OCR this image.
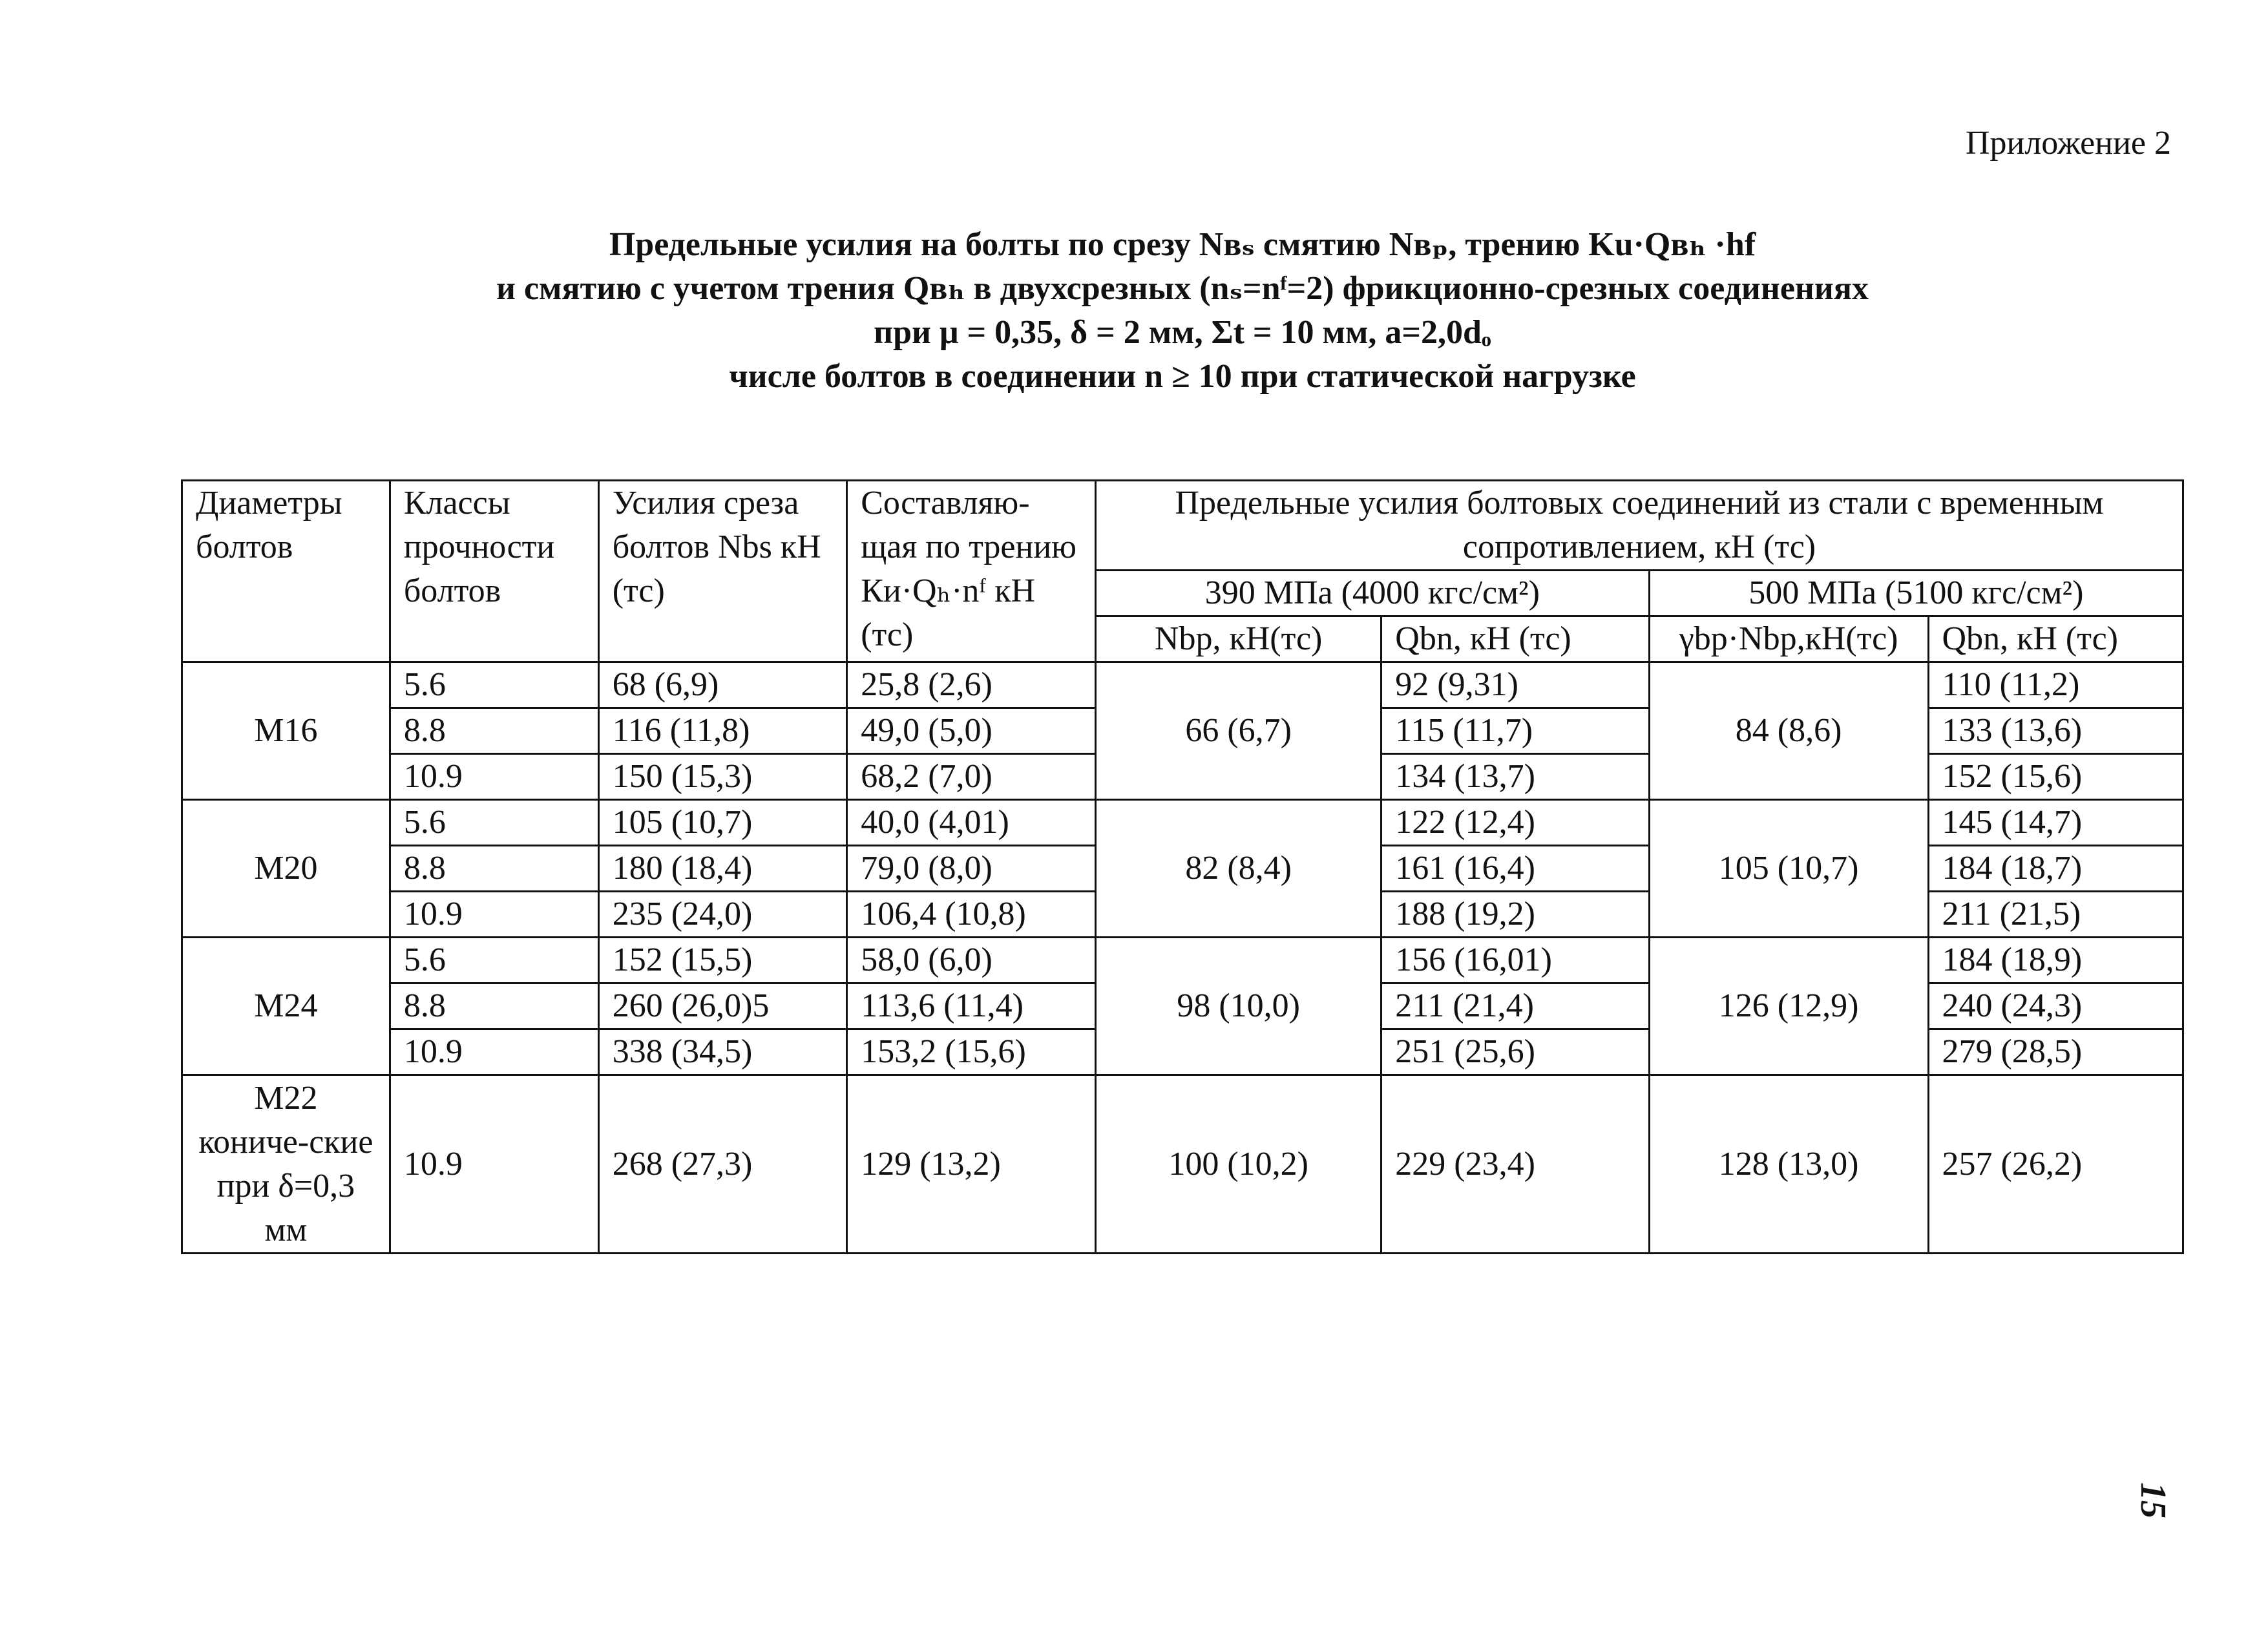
Приложение 2
Предельные усилия на болты по срезу Nвₛ смятию Nвₚ, трению Ku·Qвₕ ·hf
и смятию с учетом трения Qвₕ в двухсрезных (nₛ=nᶠ=2) фрикционно-срезных соединениях
при μ = 0,35, δ = 2 мм, Σt = 10 мм, a=2,0dₒ
числе болтов в соединении n ≥ 10 при статической нагрузке
Диаметры болтов	Классы прочности болтов	Усилия среза болтов Nbs кН (тс)	Составляю-щая по трению Ки·Qₕ·nᶠ кН (тс)	Предельные усилия болтовых соединений из стали с временным сопротивлением, кН (тс)			
				390 МПа (4000 кгс/см²)		500 МПа (5100 кгс/см²)	
				Nbp, кН(тс)	Qbn, кН (тс)	γbp·Nbp,кН(тс)	Qbn, кН (тс)
М16	5.6	68 (6,9)	25,8 (2,6)	66 (6,7)	92 (9,31)	84 (8,6)	110 (11,2)
	8.8	116 (11,8)	49,0 (5,0)		115 (11,7)		133 (13,6)
	10.9	150 (15,3)	68,2 (7,0)		134 (13,7)		152 (15,6)
М20	5.6	105 (10,7)	40,0 (4,01)	82 (8,4)	122 (12,4)	105 (10,7)	145 (14,7)
	8.8	180 (18,4)	79,0 (8,0)		161 (16,4)		184 (18,7)
	10.9	235 (24,0)	106,4 (10,8)		188 (19,2)		211 (21,5)
М24	5.6	152 (15,5)	58,0 (6,0)	98 (10,0)	156 (16,01)	126 (12,9)	184 (18,9)
	8.8	260 (26,0)5	113,6 (11,4)		211 (21,4)		240 (24,3)
	10.9	338 (34,5)	153,2 (15,6)		251 (25,6)		279 (28,5)
М22 кониче-ские при δ=0,3 мм	10.9	268 (27,3)	129 (13,2)	100 (10,2)	229 (23,4)	128 (13,0)	257 (26,2)
15
